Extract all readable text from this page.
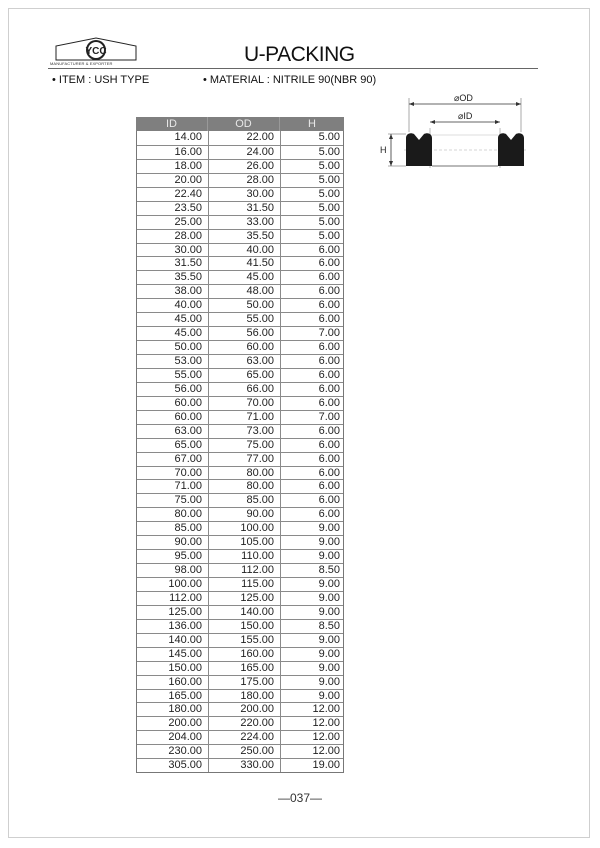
YCC
MANUFACTURER & EXPORTER	U-PACKING
• ITEM : USH TYPE	• MATERIAL : NITRILE 90(NBR 90)
⌀OD
⌀ID
H
ID	OD	H
14.00	22.00	5.00
16.00	24.00	5.00
18.00	26.00	5.00
20.00	28.00	5.00
22.40	30.00	5.00
23.50	31.50	5.00
25.00	33.00	5.00
28.00	35.50	5.00
30.00	40.00	6.00
31.50	41.50	6.00
35.50	45.00	6.00
38.00	48.00	6.00
40.00	50.00	6.00
45.00	55.00	6.00
45.00	56.00	7.00
50.00	60.00	6.00
53.00	63.00	6.00
55.00	65.00	6.00
56.00	66.00	6.00
60.00	70.00	6.00
60.00	71.00	7.00
63.00	73.00	6.00
65.00	75.00	6.00
67.00	77.00	6.00
70.00	80.00	6.00
71.00	80.00	6.00
75.00	85.00	6.00
80.00	90.00	6.00
85.00	100.00	9.00
90.00	105.00	9.00
95.00	110.00	9.00
98.00	112.00	8.50
100.00	115.00	9.00
112.00	125.00	9.00
125.00	140.00	9.00
136.00	150.00	8.50
140.00	155.00	9.00
145.00	160.00	9.00
150.00	165.00	9.00
160.00	175.00	9.00
165.00	180.00	9.00
180.00	200.00	12.00
200.00	220.00	12.00
204.00	224.00	12.00
230.00	250.00	12.00
305.00	330.00	19.00
—037—
